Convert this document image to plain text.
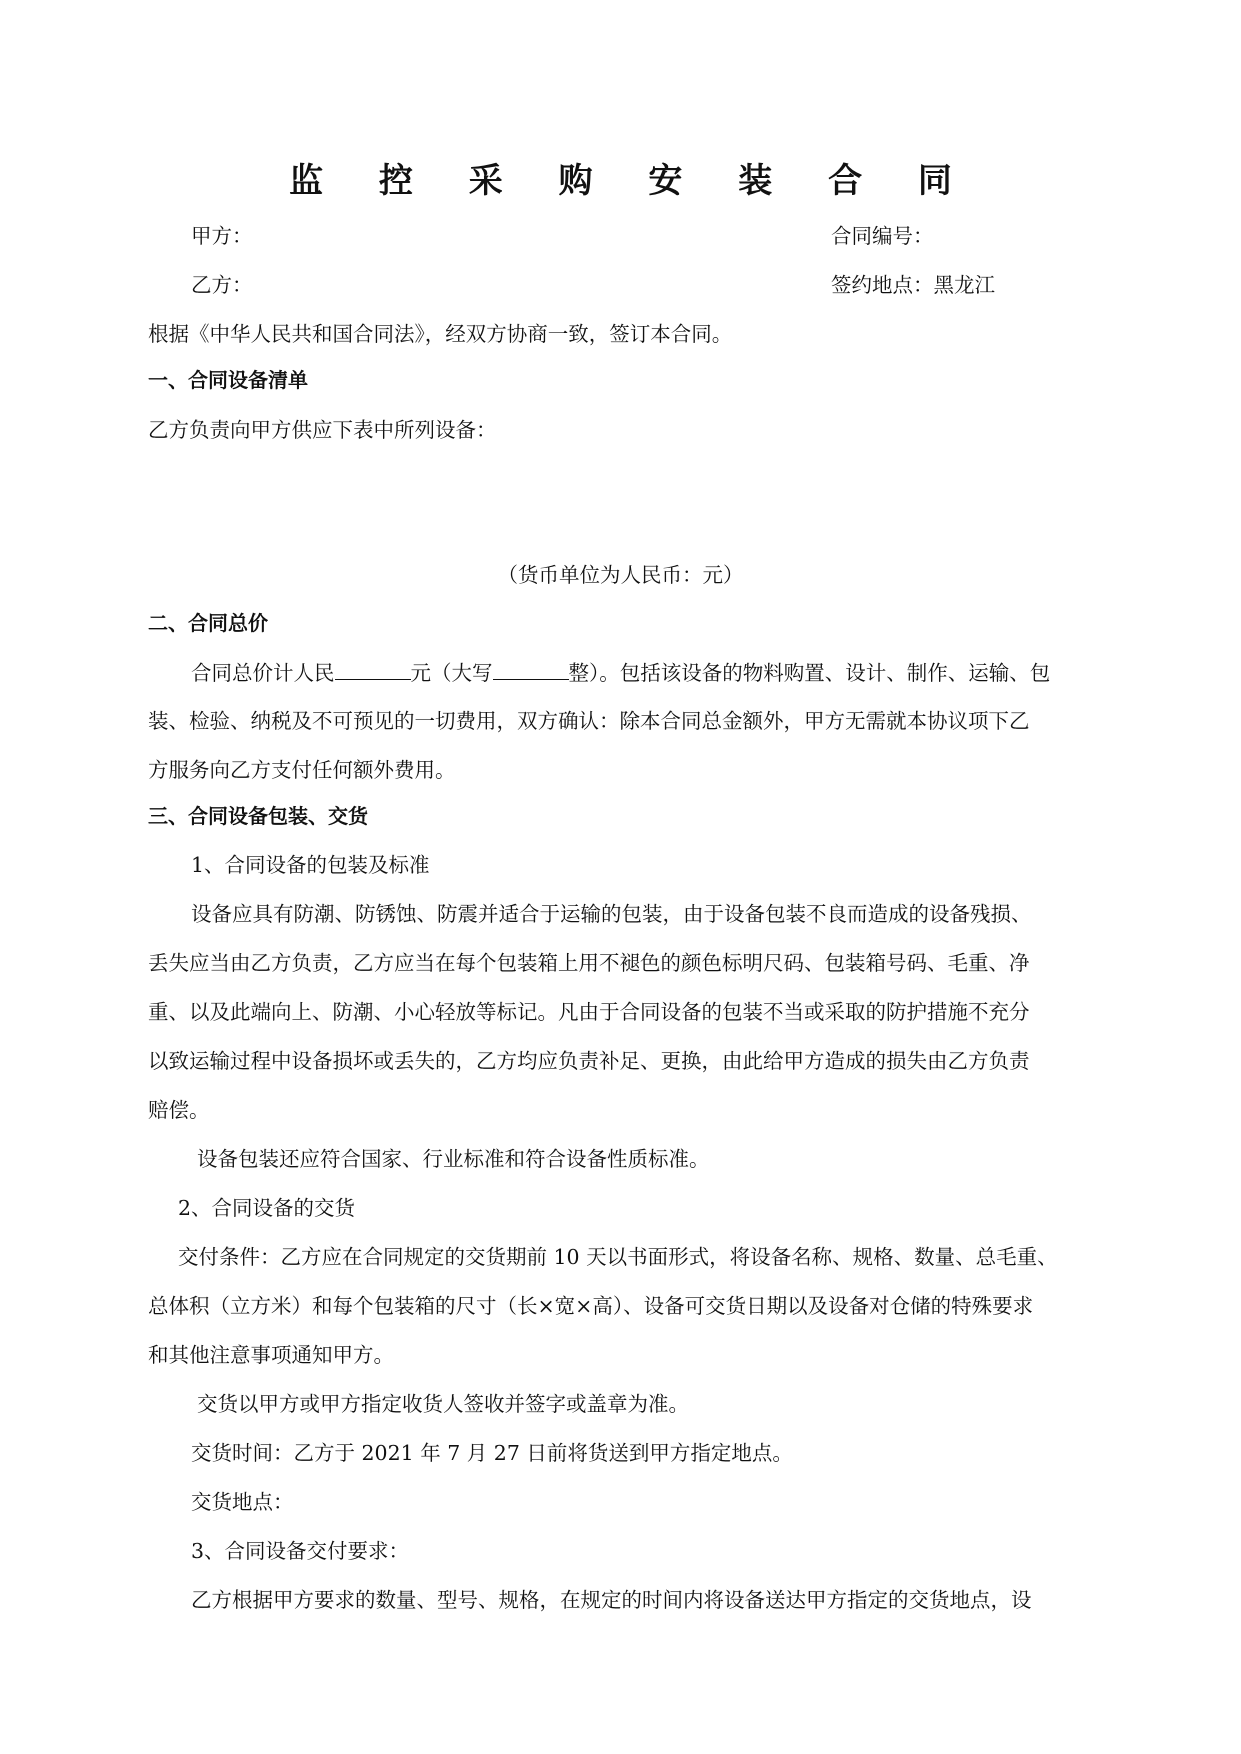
监 控 采 购 安 装 合 同
甲方：	合同编号：
乙方：	签约地点：黑龙江
根据《中华人民共和国合同法》，经双方协商一致，签订本合同。
一、合同设备清单
乙方负责向甲方供应下表中所列设备：
（货币单位为人民币：元）
二、合同总价
合同总价计人民	元（大写	整）。包括该设备的物料购置、设计、制作、运输、包
装、检验、纳税及不可预见的一切费用，双方确认：除本合同总金额外，甲方无需就本协议项下乙
方服务向乙方支付任何额外费用。
三、合同设备包装、交货
1、合同设备的包装及标准
设备应具有防潮、防锈蚀、防震并适合于运输的包装，由于设备包装不良而造成的设备残损、
丢失应当由乙方负责，乙方应当在每个包装箱上用不褪色的颜色标明尺码、包装箱号码、毛重、净
重、以及此端向上、防潮、小心轻放等标记。凡由于合同设备的包装不当或采取的防护措施不充分
以致运输过程中设备损坏或丢失的，乙方均应负责补足、更换，由此给甲方造成的损失由乙方负责
赔偿。
设备包装还应符合国家、行业标准和符合设备性质标准。
2、合同设备的交货
交付条件：乙方应在合同规定的交货期前 10 天以书面形式，将设备名称、规格、数量、总毛重、
总体积（立方米）和每个包装箱的尺寸（长×宽×高）、设备可交货日期以及设备对仓储的特殊要求
和其他注意事项通知甲方。
交货以甲方或甲方指定收货人签收并签字或盖章为准。
交货时间：乙方于 2021 年 7 月 27 日前将货送到甲方指定地点。
交货地点：
3、合同设备交付要求：
乙方根据甲方要求的数量、型号、规格，在规定的时间内将设备送达甲方指定的交货地点，设
